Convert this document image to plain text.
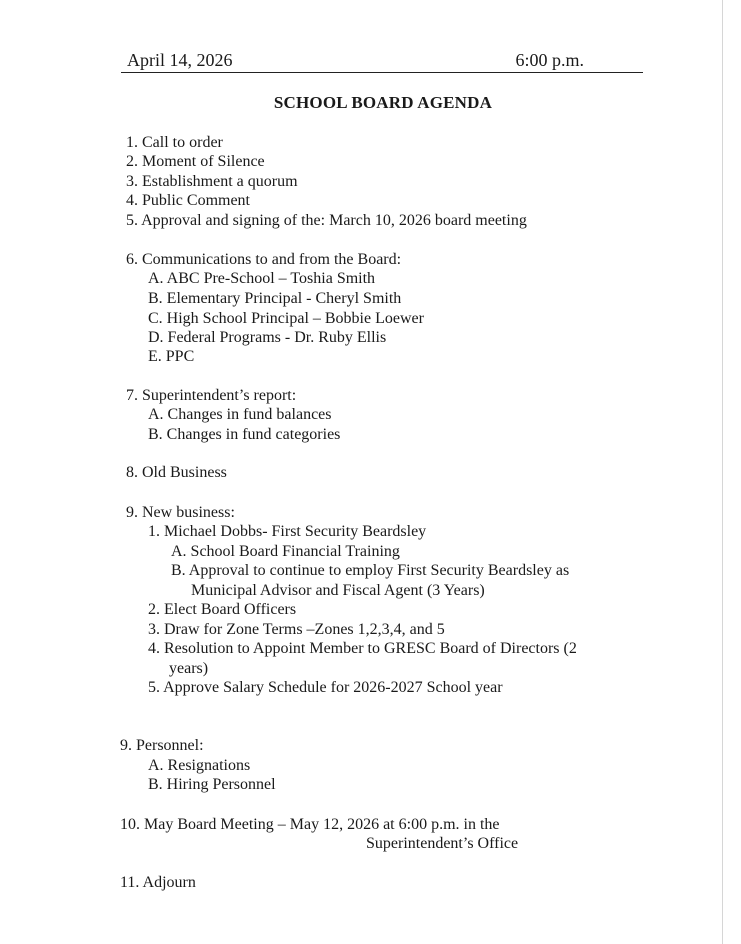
April 14, 2026	6:00 p.m.
SCHOOL BOARD AGENDA
1. Call to order
2. Moment of Silence
3. Establishment a quorum
4. Public Comment
5. Approval and signing of the: March 10, 2026 board meeting
6. Communications to and from the Board:
A. ABC Pre-School – Toshia Smith
B. Elementary Principal - Cheryl Smith
C. High School Principal – Bobbie Loewer
D. Federal Programs - Dr. Ruby Ellis
E. PPC
7. Superintendent’s report:
A. Changes in fund balances
B. Changes in fund categories
8. Old Business
9. New business:
1. Michael Dobbs- First Security Beardsley
A. School Board Financial Training
B. Approval to continue to employ First Security Beardsley as
Municipal Advisor and Fiscal Agent (3 Years)
2. Elect Board Officers
3. Draw for Zone Terms –Zones 1,2,3,4, and 5
4. Resolution to Appoint Member to GRESC Board of Directors (2
years)
5. Approve Salary Schedule for 2026-2027 School year
9. Personnel:
A. Resignations
B. Hiring Personnel
10. May Board Meeting – May 12, 2026 at 6:00 p.m. in the
Superintendent’s Office
11. Adjourn
